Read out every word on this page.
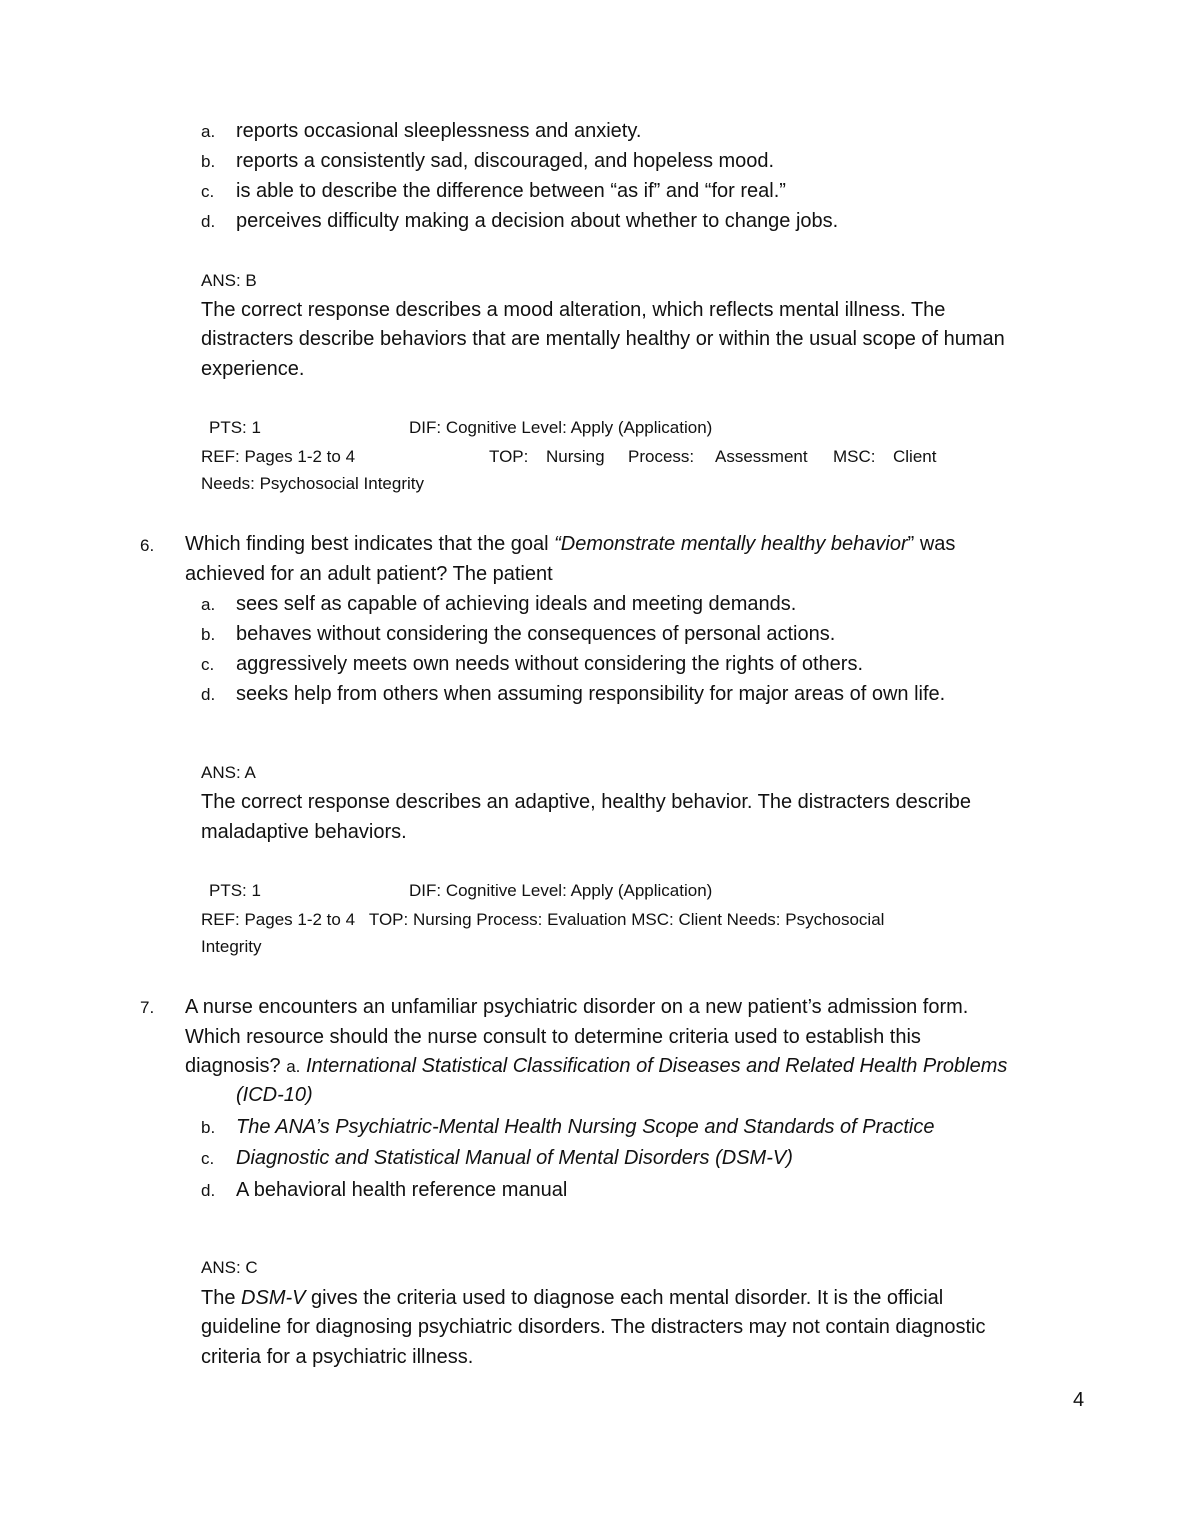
a. reports occasional sleeplessness and anxiety.
b. reports a consistently sad, discouraged, and hopeless mood.
c. is able to describe the difference between “as if” and “for real.”
d. perceives difficulty making a decision about whether to change jobs.
ANS: B
The correct response describes a mood alteration, which reflects mental illness. The
distracters describe behaviors that are mentally healthy or within the usual scope of human
experience.
PTS: 1	DIF: Cognitive Level: Apply (Application)
REF: Pages 1-2 to 4	TOP: Nursing Process: Assessment MSC: Client
Needs: Psychosocial Integrity
6. Which finding best indicates that the goal “Demonstrate mentally healthy behavior” was
achieved for an adult patient? The patient
a. sees self as capable of achieving ideals and meeting demands.
b. behaves without considering the consequences of personal actions.
c. aggressively meets own needs without considering the rights of others.
d. seeks help from others when assuming responsibility for major areas of own life.
ANS: A
The correct response describes an adaptive, healthy behavior. The distracters describe
maladaptive behaviors.
PTS: 1	DIF: Cognitive Level: Apply (Application)
REF: Pages 1-2 to 4   TOP: Nursing Process: Evaluation MSC: Client Needs: Psychosocial
Integrity
7. A nurse encounters an unfamiliar psychiatric disorder on a new patient’s admission form.
Which resource should the nurse consult to determine criteria used to establish this
diagnosis? a. International Statistical Classification of Diseases and Related Health Problems
(ICD-10)
b. The ANA’s Psychiatric-Mental Health Nursing Scope and Standards of Practice
c. Diagnostic and Statistical Manual of Mental Disorders (DSM-V)
d. A behavioral health reference manual
ANS: C
The DSM-V gives the criteria used to diagnose each mental disorder. It is the official
guideline for diagnosing psychiatric disorders. The distracters may not contain diagnostic
criteria for a psychiatric illness.
4
